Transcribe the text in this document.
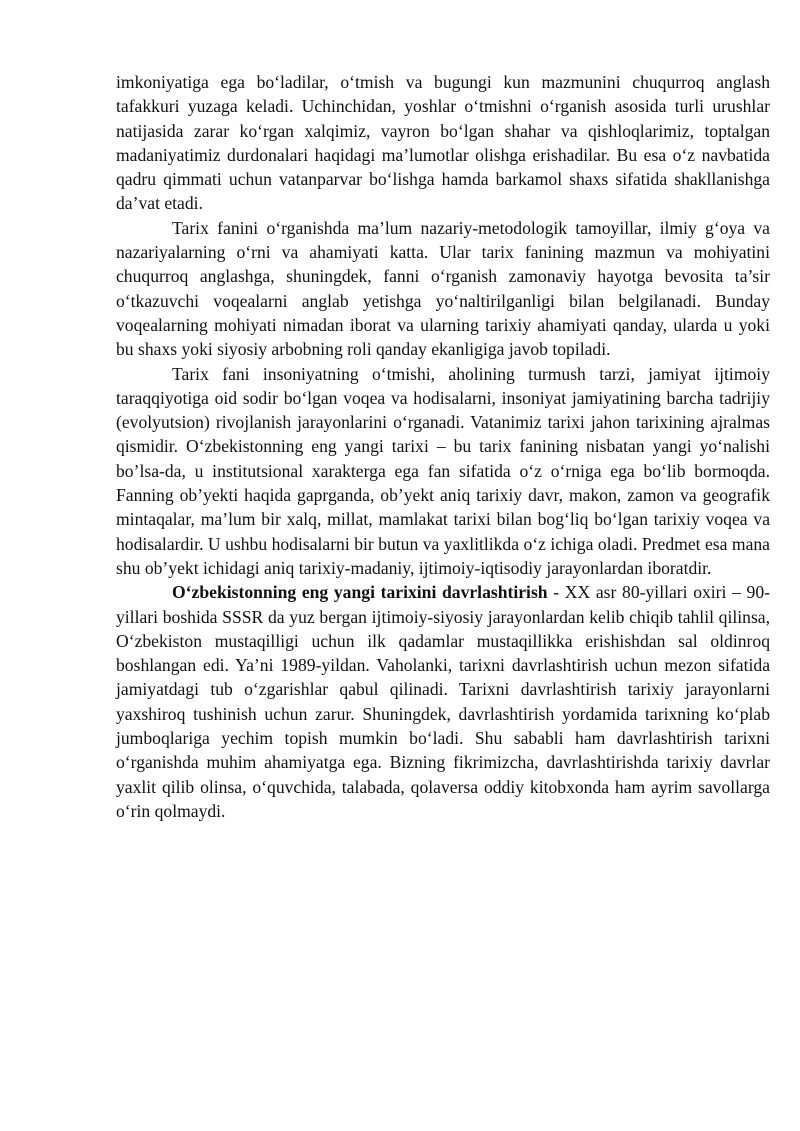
imkoniyatiga ega bo‘ladilar, o‘tmish va bugungi kun mazmunini chuqurroq anglash tafakkuri yuzaga keladi. Uchinchidan, yoshlar o‘tmishni o‘rganish asosida turli urushlar natijasida zarar ko‘rgan xalqimiz, vayron bo‘lgan shahar va qishloqlarimiz, toptalgan madaniyatimiz durdonalari haqidagi ma’lumotlar olishga erishadilar. Bu esa o‘z navbatida qadru qimmati uchun vatanparvar bo‘lishga hamda barkamol shaxs sifatida shakllanishga da’vat etadi.

Tarix fanini o‘rganishda ma’lum nazariy-metodologik tamoyillar, ilmiy g‘oya va nazariyalarning o‘rni va ahamiyati katta. Ular tarix fanining mazmun va mohiyatini chuqurroq anglashga, shuningdek, fanni o‘rganish zamonaviy hayotga bevosita ta’sir o‘tkazuvchi voqealarni anglab yetishga yo‘naltirilganligi bilan belgilanadi. Bunday voqealarning mohiyati nimadan iborat va ularning tarixiy ahamiyati qanday, ularda u yoki bu shaxs yoki siyosiy arbobning roli qanday ekanligiga javob topiladi.

Tarix fani insoniyatning o‘tmishi, aholining turmush tarzi, jamiyat ijtimoiy taraqqiyotiga oid sodir bo‘lgan voqea va hodisalarni, insoniyat jamiyatining barcha tadrijiy (evolyutsion) rivojlanish jarayonlarini o‘rganadi. Vatanimiz tarixi jahon tarixining ajralmas qismidir. O‘zbekistonning eng yangi tarixi – bu tarix fanining nisbatan yangi yo‘nalishi bo’lsa-da, u institutsional xarakterga ega fan sifatida o‘z o‘rniga ega bo‘lib bormoqda. Fanning ob’yekti haqida gaprganda, ob’yekt aniq tarixiy davr, makon, zamon va geografik mintaqalar, ma’lum bir xalq, millat, mamlakat tarixi bilan bog‘liq bo‘lgan tarixiy voqea va hodisalardir. U ushbu hodisalarni bir butun va yaxlitlikda o‘z ichiga oladi. Predmet esa mana shu ob’yekt ichidagi aniq tarixiy-madaniy, ijtimoiy-iqtisodiy jarayonlardan iboratdir.

O‘zbekistonning eng yangi tarixini davrlashtirish - XX asr 80-yillari oxiri – 90- yillari boshida SSSR da yuz bergan ijtimoiy-siyosiy jarayonlardan kelib chiqib tahlil qilinsa, O‘zbekiston mustaqilligi uchun ilk qadamlar mustaqillikka erishishdan sal oldinroq boshlangan edi. Ya’ni 1989-yildan. Vaholanki, tarixni davrlashtirish uchun mezon sifatida jamiyatdagi tub o‘zgarishlar qabul qilinadi. Tarixni davrlashtirish tarixiy jarayonlarni yaxshiroq tushinish uchun zarur. Shuningdek, davrlashtirish yordamida tarixning ko‘plab jumboqlariga yechim topish mumkin bo‘ladi. Shu sababli ham davrlashtirish tarixni o‘rganishda muhim ahamiyatga ega. Bizning fikrimizcha, davrlashtirishda tarixiy davrlar yaxlit qilib olinsa, o‘quvchida, talabada, qolaversa oddiy kitobxonda ham ayrim savollarga o‘rin qolmaydi.
